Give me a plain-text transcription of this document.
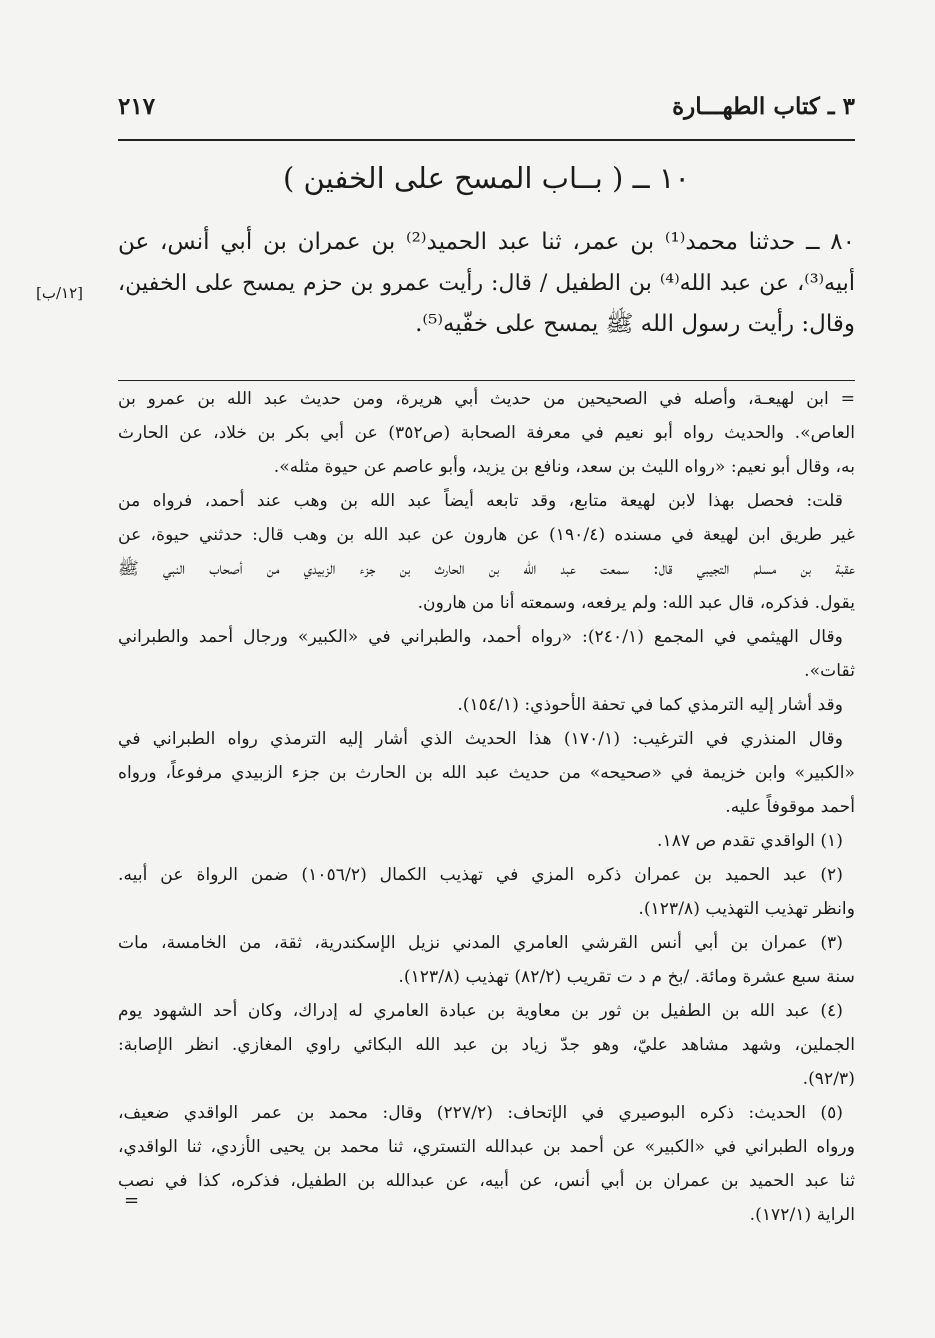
٣ ـ كتاب الطهـــارة
٢١٧
١٠ ــ ( بــاب المسح على الخفين )

٨٠ ــ حدثنا محمد⁽¹⁾ بن عمر، ثنا عبد الحميد⁽²⁾ بن عمران بن أبي أنس، عن

أبيه⁽³⁾، عن عبد الله⁽⁴⁾ بن الطفيل / قال: رأيت عمرو بن حزم يمسح على الخفين،

وقال: رأيت رسول الله ﷺ يمسح على خفّيه⁽⁵⁾.

[١٢/ب]

= ابن لهيعـة، وأصله في الصحيحين من حديث أبي هريرة، ومن حديث عبد الله بن عمرو بن

العاص». والحديث رواه أبو نعيم في معرفة الصحابة (ص٣٥٢) عن أبي بكر بن خلاد، عن الحارث

به، وقال أبو نعيم: «رواه الليث بن سعد، ونافع بن يزيد، وأبو عاصم عن حيوة مثله».

قلت: فحصل بهذا لابن لهيعة متابع، وقد تابعه أيضاً عبد الله بن وهب عند أحمد، فرواه من

غير طريق ابن لهيعة في مسنده (١٩٠/٤) عن هارون عن عبد الله بن وهب قال: حدثني حيوة، عن

عقبة بن مسلم التجيبي قال: سمعت عبد الله بن الحارث بن جزء الزبيدي من أصحاب النبي ﷺ

يقول. فذكره، قال عبد الله: ولم يرفعه، وسمعته أنا من هارون.

وقال الهيثمي في المجمع (٢٤٠/١): «رواه أحمد، والطبراني في «الكبير» ورجال أحمد والطبراني

ثقات».

وقد أشار إليه الترمذي كما في تحفة الأحوذي: (١٥٤/١).

وقال المنذري في الترغيب: (١٧٠/١) هذا الحديث الذي أشار إليه الترمذي رواه الطبراني في

«الكبير» وابن خزيمة في «صحيحه» من حديث عبد الله بن الحارث بن جزء الزبيدي مرفوعاً، ورواه

أحمد موقوفاً عليه.

(١) الواقدي تقدم ص ١٨٧.

(٢) عبد الحميد بن عمران ذكره المزي في تهذيب الكمال (١٠٥٦/٢) ضمن الرواة عن أبيه.

وانظر تهذيب التهذيب (١٢٣/٨).

(٣) عمران بن أبي أنس القرشي العامري المدني نزيل الإسكندرية، ثقة، من الخامسة، مات

سنة سبع عشرة ومائة. /بخ م د ت تقريب (٨٢/٢) تهذيب (١٢٣/٨).

(٤) عبد الله بن الطفيل بن ثور بن معاوية بن عبادة العامري له إدراك، وكان أحد الشهود يوم

الجملين، وشهد مشاهد عليّ، وهو جدّ زياد بن عبد الله البكائي راوي المغازي. انظر الإصابة:

(٩٢/٣).

(٥) الحديث: ذكره البوصيري في الإتحاف: (٢٢٧/٢) وقال: محمد بن عمر الواقدي ضعيف،

ورواه الطبراني في «الكبير» عن أحمد بن عبدالله التستري، ثنا محمد بن يحيى الأزدي، ثنا الواقدي،

ثنا عبد الحميد بن عمران بن أبي أنس، عن أبيه، عن عبدالله بن الطفيل، فذكره، كذا في نصب

الراية (١٧٢/١).

=
